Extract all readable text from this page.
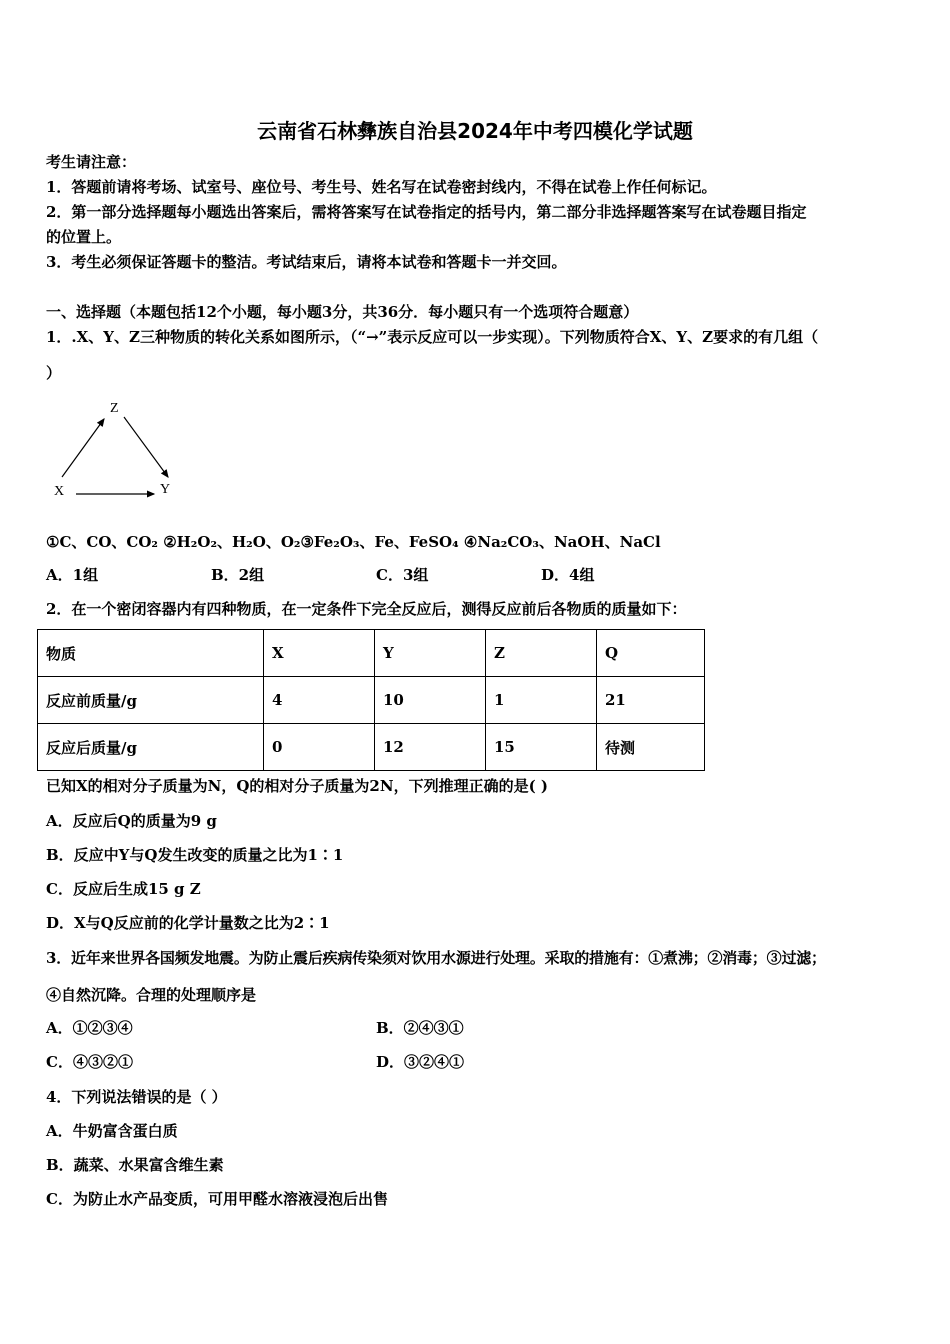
云南省石林彝族自治县2024年中考四模化学试题
考生请注意：
1．答题前请将考场、试室号、座位号、考生号、姓名写在试卷密封线内，不得在试卷上作任何标记。
2．第一部分选择题每小题选出答案后，需将答案写在试卷指定的括号内，第二部分非选择题答案写在试卷题目指定
的位置上。
3．考生必须保证答题卡的整洁。考试结束后，请将本试卷和答题卡一并交回。
一、选择题（本题包括12个小题，每小题3分，共36分．每小题只有一个选项符合题意）
1．.X、Y、Z三种物质的转化关系如图所示，（“→”表示反应可以一步实现）。下列物质符合X、Y、Z要求的有几组（
）
Z
X	Y
①C、CO、CO₂ ②H₂O₂、H₂O、O₂③Fe₂O₃、Fe、FeSO₄ ④Na₂CO₃、NaOH、NaCl
A．1组	B．2组	C．3组	D．4组
2．在一个密闭容器内有四种物质，在一定条件下完全反应后，测得反应前后各物质的质量如下：
物质	X	Y	Z	Q
反应前质量/g	4	10	1	21
反应后质量/g	0	12	15	待测
已知X的相对分子质量为N，Q的相对分子质量为2N，下列推理正确的是( )
A．反应后Q的质量为9 g
B．反应中Y与Q发生改变的质量之比为1∶1
C．反应后生成15 g Z
D．X与Q反应前的化学计量数之比为2∶1
3．近年来世界各国频发地震。为防止震后疾病传染须对饮用水源进行处理。采取的措施有：①煮沸；②消毒；③过滤；
④自然沉降。合理的处理顺序是
A．①②③④	B．②④③①
C．④③②①	D．③②④①
4．下列说法错误的是（ ）
A．牛奶富含蛋白质
B．蔬菜、水果富含维生素
C．为防止水产品变质，可用甲醛水溶液浸泡后出售
